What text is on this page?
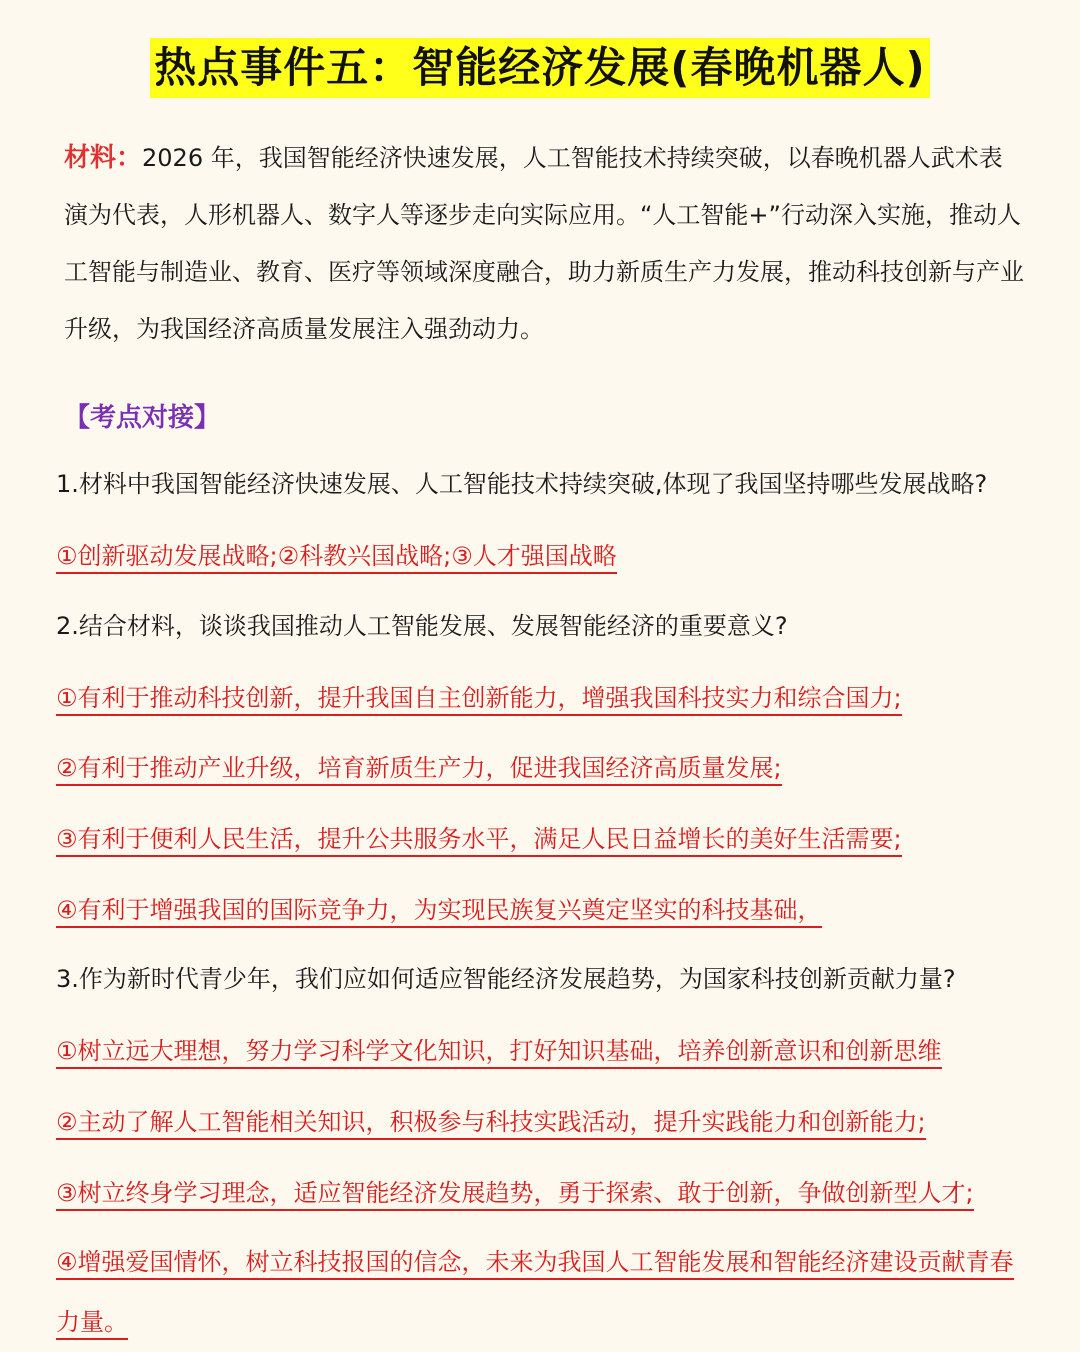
热点事件五：智能经济发展(春晚机器人)
材料：2026 年，我国智能经济快速发展，人工智能技术持续突破，以春晚机器人武术表演为代表，人形机器人、数字人等逐步走向实际应用。“人工智能+”行动深入实施，推动人工智能与制造业、教育、医疗等领域深度融合，助力新质生产力发展，推动科技创新与产业升级，为我国经济高质量发展注入强劲动力。
【考点对接】
1.材料中我国智能经济快速发展、人工智能技术持续突破,体现了我国坚持哪些发展战略?
①创新驱动发展战略;②科教兴国战略;③人才强国战略
2.结合材料，谈谈我国推动人工智能发展、发展智能经济的重要意义?
①有利于推动科技创新，提升我国自主创新能力，增强我国科技实力和综合国力;
②有利于推动产业升级，培育新质生产力，促进我国经济高质量发展;
③有利于便利人民生活，提升公共服务水平，满足人民日益增长的美好生活需要;
④有利于增强我国的国际竞争力，为实现民族复兴奠定坚实的科技基础，
3.作为新时代青少年，我们应如何适应智能经济发展趋势，为国家科技创新贡献力量?
①树立远大理想，努力学习科学文化知识，打好知识基础，培养创新意识和创新思维
②主动了解人工智能相关知识，积极参与科技实践活动，提升实践能力和创新能力;
③树立终身学习理念，适应智能经济发展趋势，勇于探索、敢于创新，争做创新型人才;
④增强爱国情怀，树立科技报国的信念，未来为我国人工智能发展和智能经济建设贡献青春力量。
